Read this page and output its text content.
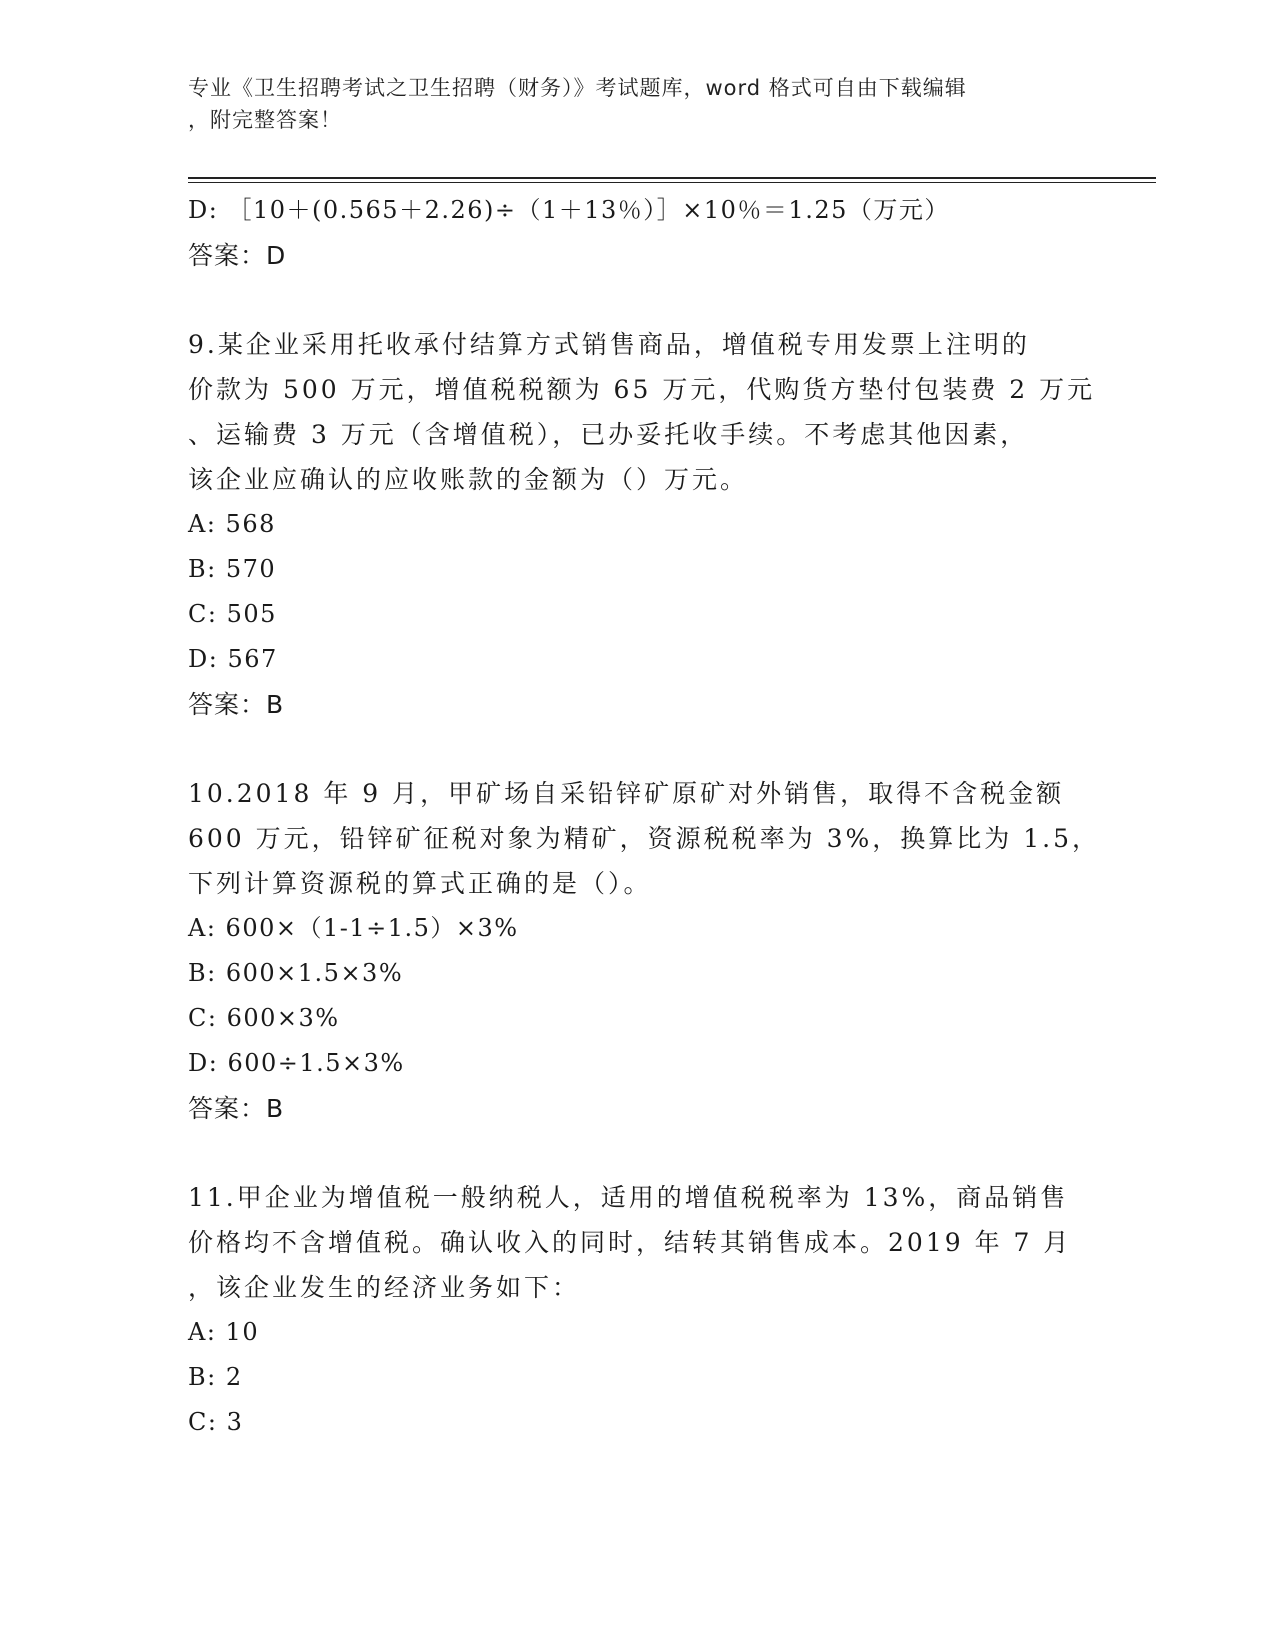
专业《卫生招聘考试之卫生招聘（财务）》考试题库，word 格式可自由下载编辑
，附完整答案！
D: ［10＋(0.565＋2.26)÷（1＋13％）］×10％＝1.25（万元）
答案：D
9.某企业采用托收承付结算方式销售商品，增值税专用发票上注明的
价款为 500 万元，增值税税额为 65 万元，代购货方垫付包装费 2 万元
、运输费 3 万元（含增值税），已办妥托收手续。不考虑其他因素，
该企业应确认的应收账款的金额为（）万元。
A: 568
B: 570
C: 505
D: 567
答案：B
10.2018 年 9 月，甲矿场自采铅锌矿原矿对外销售，取得不含税金额
600 万元，铅锌矿征税对象为精矿，资源税税率为 3%，换算比为 1.5，
下列计算资源税的算式正确的是（）。
A: 600×（1-1÷1.5）×3%
B: 600×1.5×3%
C: 600×3%
D: 600÷1.5×3%
答案：B
11.甲企业为增值税一般纳税人，适用的增值税税率为 13%，商品销售
价格均不含增值税。确认收入的同时，结转其销售成本。2019 年 7 月
，该企业发生的经济业务如下：
A: 10
B: 2
C: 3
